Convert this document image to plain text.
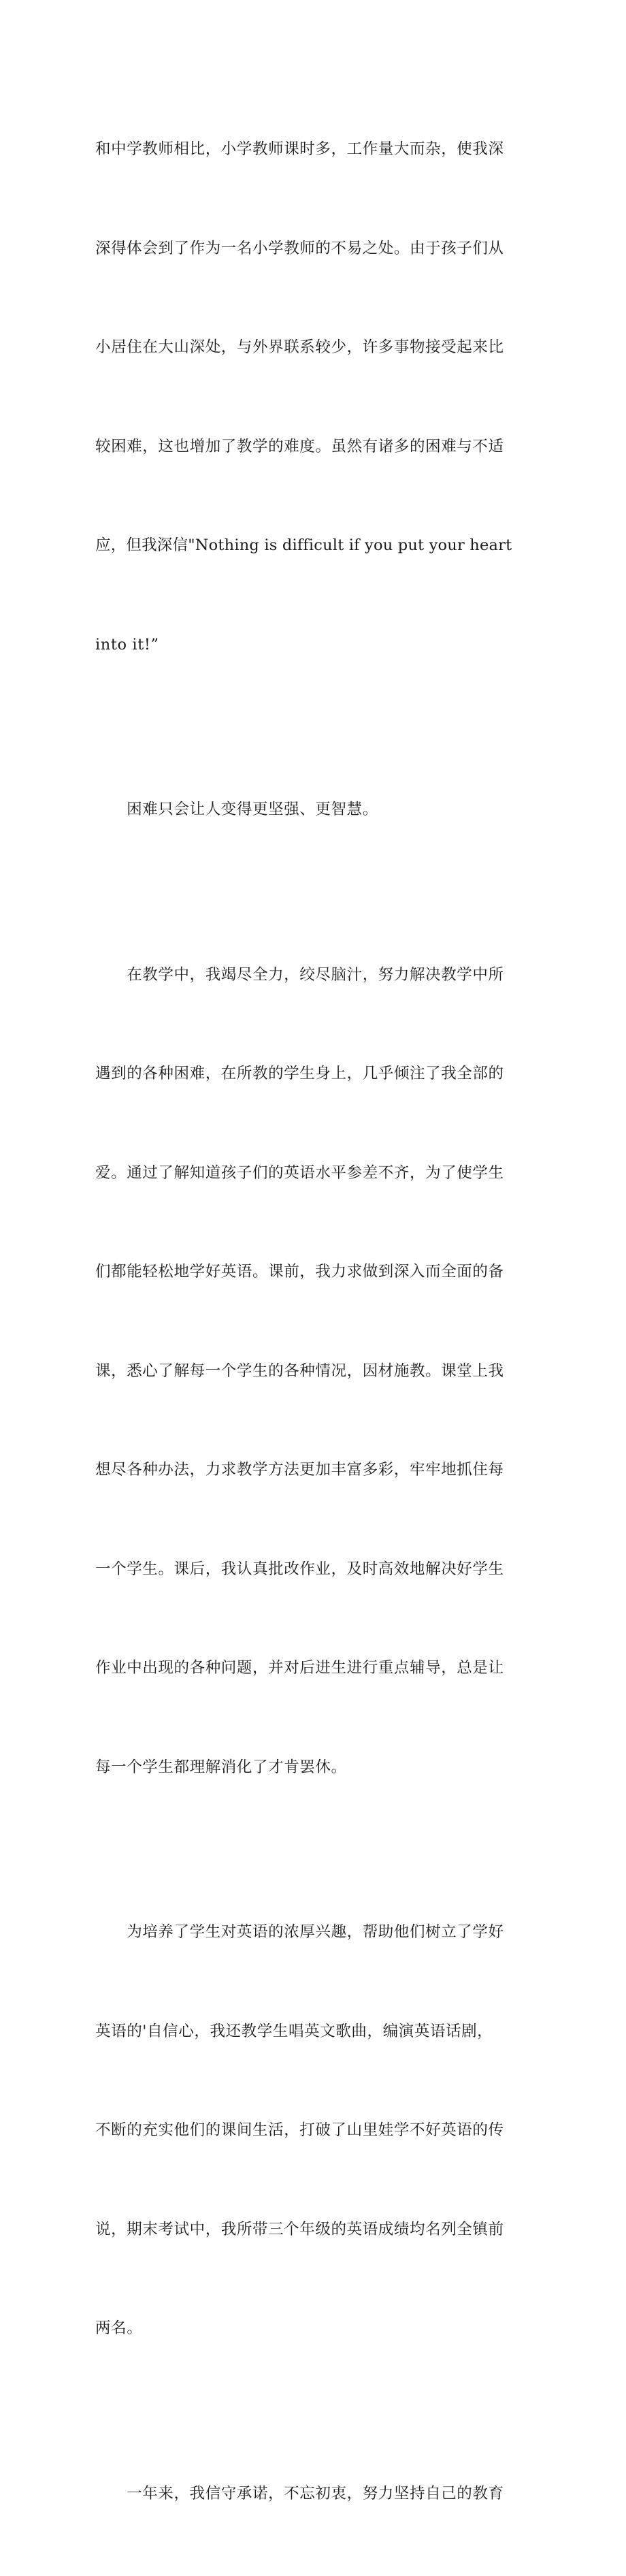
和中学教师相比，小学教师课时多，工作量大而杂，使我深

深得体会到了作为一名小学教师的不易之处。由于孩子们从

小居住在大山深处，与外界联系较少，许多事物接受起来比

较困难，这也增加了教学的难度。虽然有诸多的困难与不适

应，但我深信"Nothing is difficult if you put your heart

into it!”

　　困难只会让人变得更坚强、更智慧。

　　在教学中，我竭尽全力，绞尽脑汁，努力解决教学中所

遇到的各种困难，在所教的学生身上，几乎倾注了我全部的

爱。通过了解知道孩子们的英语水平参差不齐，为了使学生

们都能轻松地学好英语。课前，我力求做到深入而全面的备

课，悉心了解每一个学生的各种情况，因材施教。课堂上我

想尽各种办法，力求教学方法更加丰富多彩，牢牢地抓住每

一个学生。课后，我认真批改作业，及时高效地解决好学生

作业中出现的各种问题，并对后进生进行重点辅导，总是让

每一个学生都理解消化了才肯罢休。

　　为培养了学生对英语的浓厚兴趣，帮助他们树立了学好

英语的'自信心，我还教学生唱英文歌曲，编演英语话剧，

不断的充实他们的课间生活，打破了山里娃学不好英语的传

说，期末考试中，我所带三个年级的英语成绩均名列全镇前

两名。

　　一年来，我信守承诺，不忘初衷，努力坚持自己的教育
